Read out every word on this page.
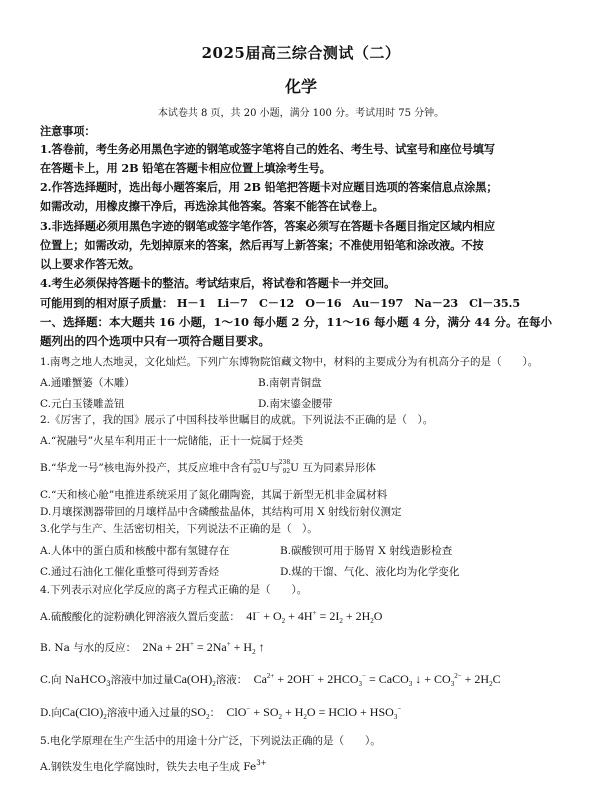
2025届高三综合测试（二）
化学
本试卷共 8 页，共 20 小题，满分 100 分。考试用时 75 分钟。
注意事项：
1.答卷前，考生务必用黑色字迹的钢笔或签字笔将自己的姓名、考生号、试室号和座位号填写
在答题卡上，用 2B 铅笔在答题卡相应位置上填涂考生号。
2.作答选择题时，选出每小题答案后，用 2B 铅笔把答题卡对应题目选项的答案信息点涂黑；
如需改动，用橡皮擦干净后，再选涂其他答案。答案不能答在试卷上。
3.非选择题必须用黑色字迹的钢笔或签字笔作答，答案必须写在答题卡各题目指定区域内相应
位置上；如需改动，先划掉原来的答案，然后再写上新答案；不准使用铅笔和涂改液。不按
以上要求作答无效。
4.考生必须保持答题卡的整洁。考试结束后，将试卷和答题卡一并交回。
可能用到的相对原子质量： H－1　Li－7　C－12　O－16　Au－197　Na－23　Cl－35.5
一、选择题：本大题共 16 小题，1～10 每小题 2 分，11～16 每小题 4 分，满分 44 分。在每小
题列出的四个选项中只有一项符合题目要求。
1.南粤之地人杰地灵，文化灿烂。下列广东博物院馆藏文物中，材料的主要成分为有机高分子的是（　　）。
A.通雕蟹篓（木雕）	B.南朝青铜盘
C.元白玉镂雕盖钮	D.南宋鎏金腰带
2.《厉害了，我的国》展示了中国科技举世瞩目的成就。下列说法不正确的是（　）。
A.“祝融号”火星车利用正十一烷储能，正十一烷属于烃类
B.“华龙一号”核电海外投产，其反应堆中含有
235
92 U与
238
92 U 互为同素异形体
C.“天和核心舱”电推进系统采用了氮化硼陶瓷，其属于新型无机非金属材料
D.月壤探测器带回的月壤样品中含磷酸盐晶体，其结构可用 X 射线衍射仪测定
3.化学与生产、生活密切相关，下列说法不正确的是（　）。
A.人体中的蛋白质和核酸中都有氢键存在	B.碳酸钡可用于肠胃 X 射线造影检查
C.通过石油化工催化重整可得到芳香烃	D.煤的干馏、气化、液化均为化学变化
4.下列表示对应化学反应的离子方程式正确的是（　　）。
A.硫酸酸化的淀粉碘化钾溶液久置后变蓝：  $4I^- + O_2 + 4H^+ = 2I_2 + 2H_2O$
B. Na 与水的反应：  $2Na + 2H^+ = 2Na^+ + H_2$ ↑
C.向 NaHCO$_3$溶液中加过量$Ca(OH)_2$溶液：  $Ca^{2+} + 2OH^- + 2HCO_3^-$ = CaCO$_3$ ↓ + $CO_3^{2-} + 2H_2C$
D.向$Ca(ClO)_2$溶液中通入过量的$SO_2$：  $ClO^- + SO_2 + H_2O$ = HClO + $HSO_3^-$
5.电化学原理在生产生活中的用途十分广泛，下列说法正确的是（　　）。
A.钢铁发生电化学腐蚀时，铁失去电子生成 $Fe^{3+}$
